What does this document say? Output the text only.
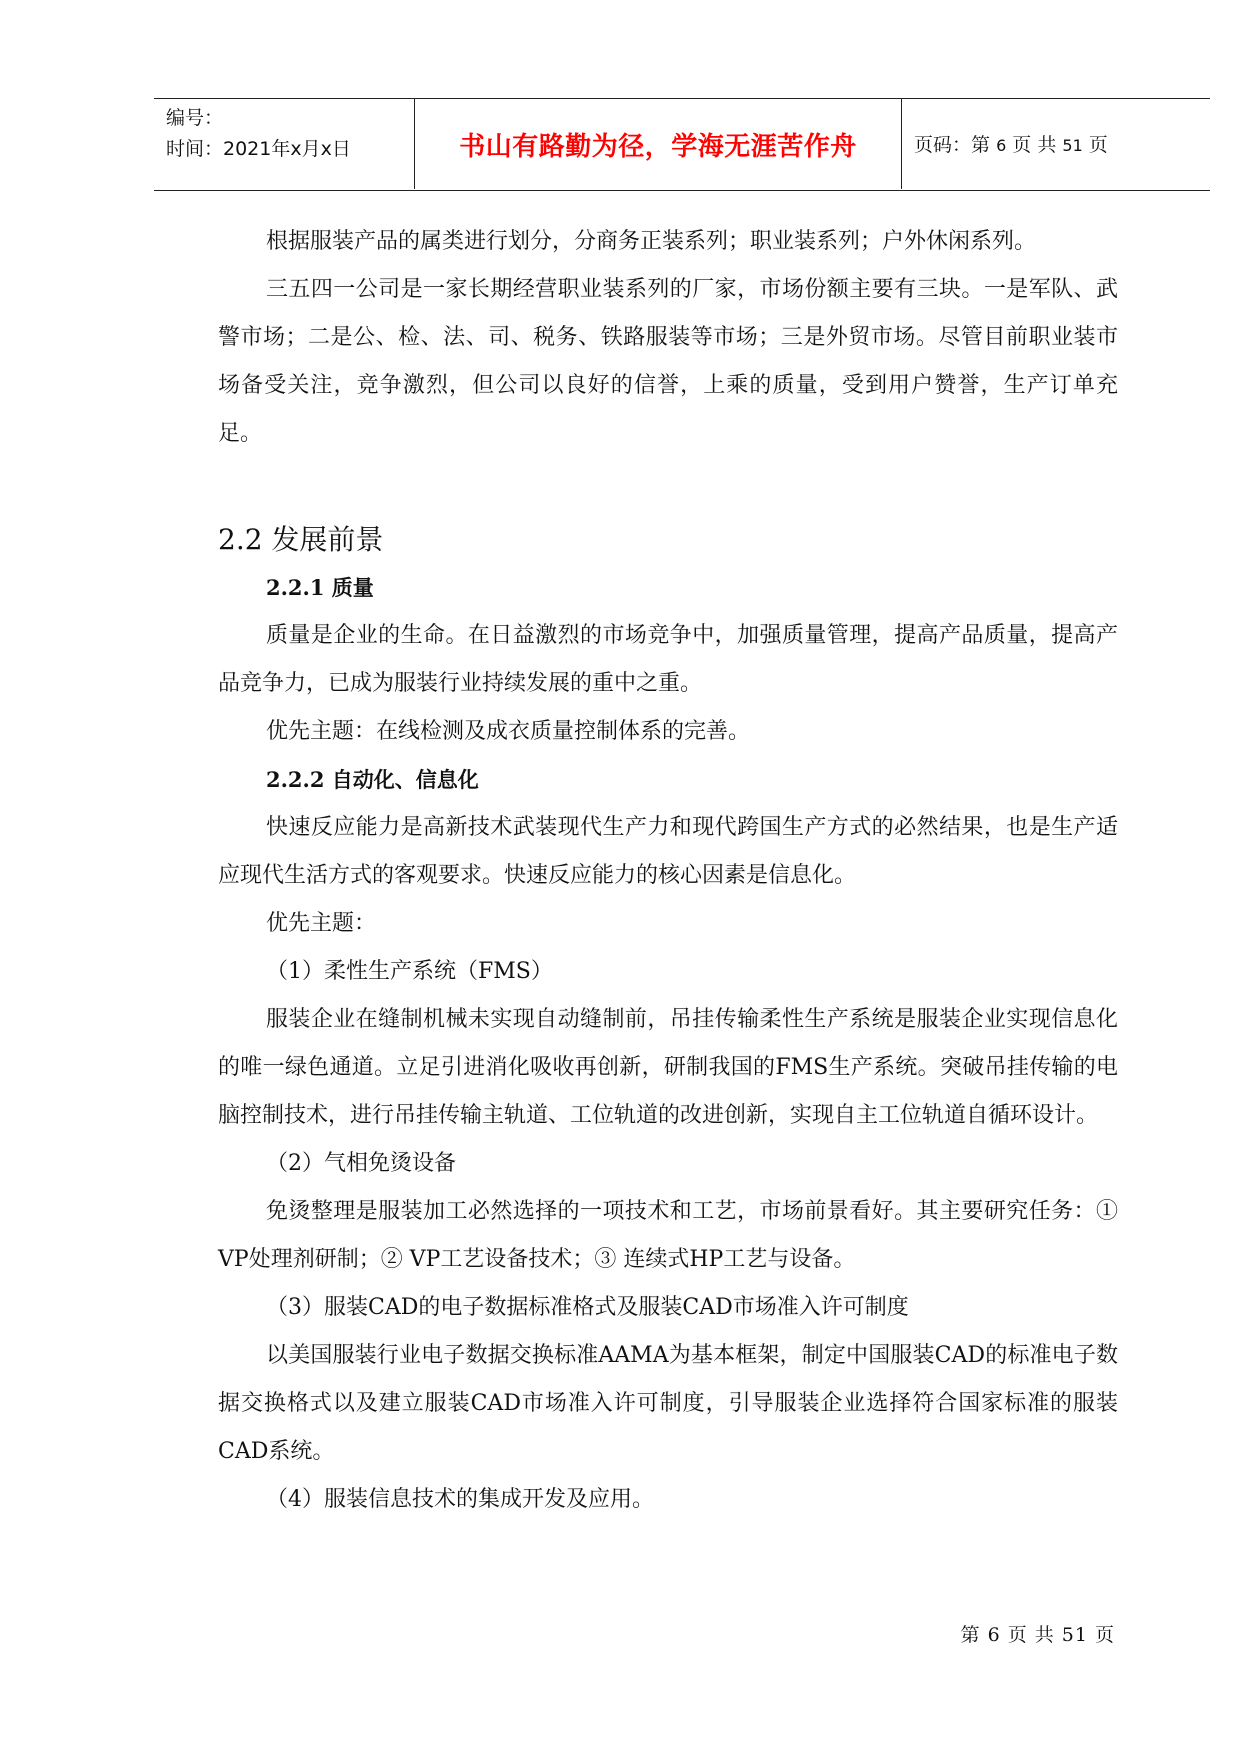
编号：
时间：2021年x月x日	书山有路勤为径，学海无涯苦作舟	页码：第 6 页 共 51 页

根据服装产品的属类进行划分，分商务正装系列；职业装系列；户外休闲系列。

三五四一公司是一家长期经营职业装系列的厂家，市场份额主要有三块。一是军队、武警市场；二是公、检、法、司、税务、铁路服装等市场；三是外贸市场。尽管目前职业装市场备受关注，竞争激烈，但公司以良好的信誉，上乘的质量，受到用户赞誉，生产订单充足。

2.2 发展前景
2.2.1 质量

质量是企业的生命。在日益激烈的市场竞争中，加强质量管理，提高产品质量，提高产品竞争力，已成为服装行业持续发展的重中之重。

优先主题：在线检测及成衣质量控制体系的完善。

2.2.2 自动化、信息化

快速反应能力是高新技术武装现代生产力和现代跨国生产方式的必然结果，也是生产适应现代生活方式的客观要求。快速反应能力的核心因素是信息化。

优先主题：

（1）柔性生产系统（FMS）

服装企业在缝制机械未实现自动缝制前，吊挂传输柔性生产系统是服装企业实现信息化的唯一绿色通道。立足引进消化吸收再创新，研制我国的FMS生产系统。突破吊挂传输的电脑控制技术，进行吊挂传输主轨道、工位轨道的改进创新，实现自主工位轨道自循环设计。

（2）气相免烫设备

免烫整理是服装加工必然选择的一项技术和工艺，市场前景看好。其主要研究任务：① VP处理剂研制；② VP工艺设备技术；③ 连续式HP工艺与设备。

（3）服装CAD的电子数据标准格式及服装CAD市场准入许可制度

以美国服装行业电子数据交换标准AAMA为基本框架，制定中国服装CAD的标准电子数据交换格式以及建立服装CAD市场准入许可制度，引导服装企业选择符合国家标准的服装CAD系统。

（4）服装信息技术的集成开发及应用。

第 6 页 共 51 页
